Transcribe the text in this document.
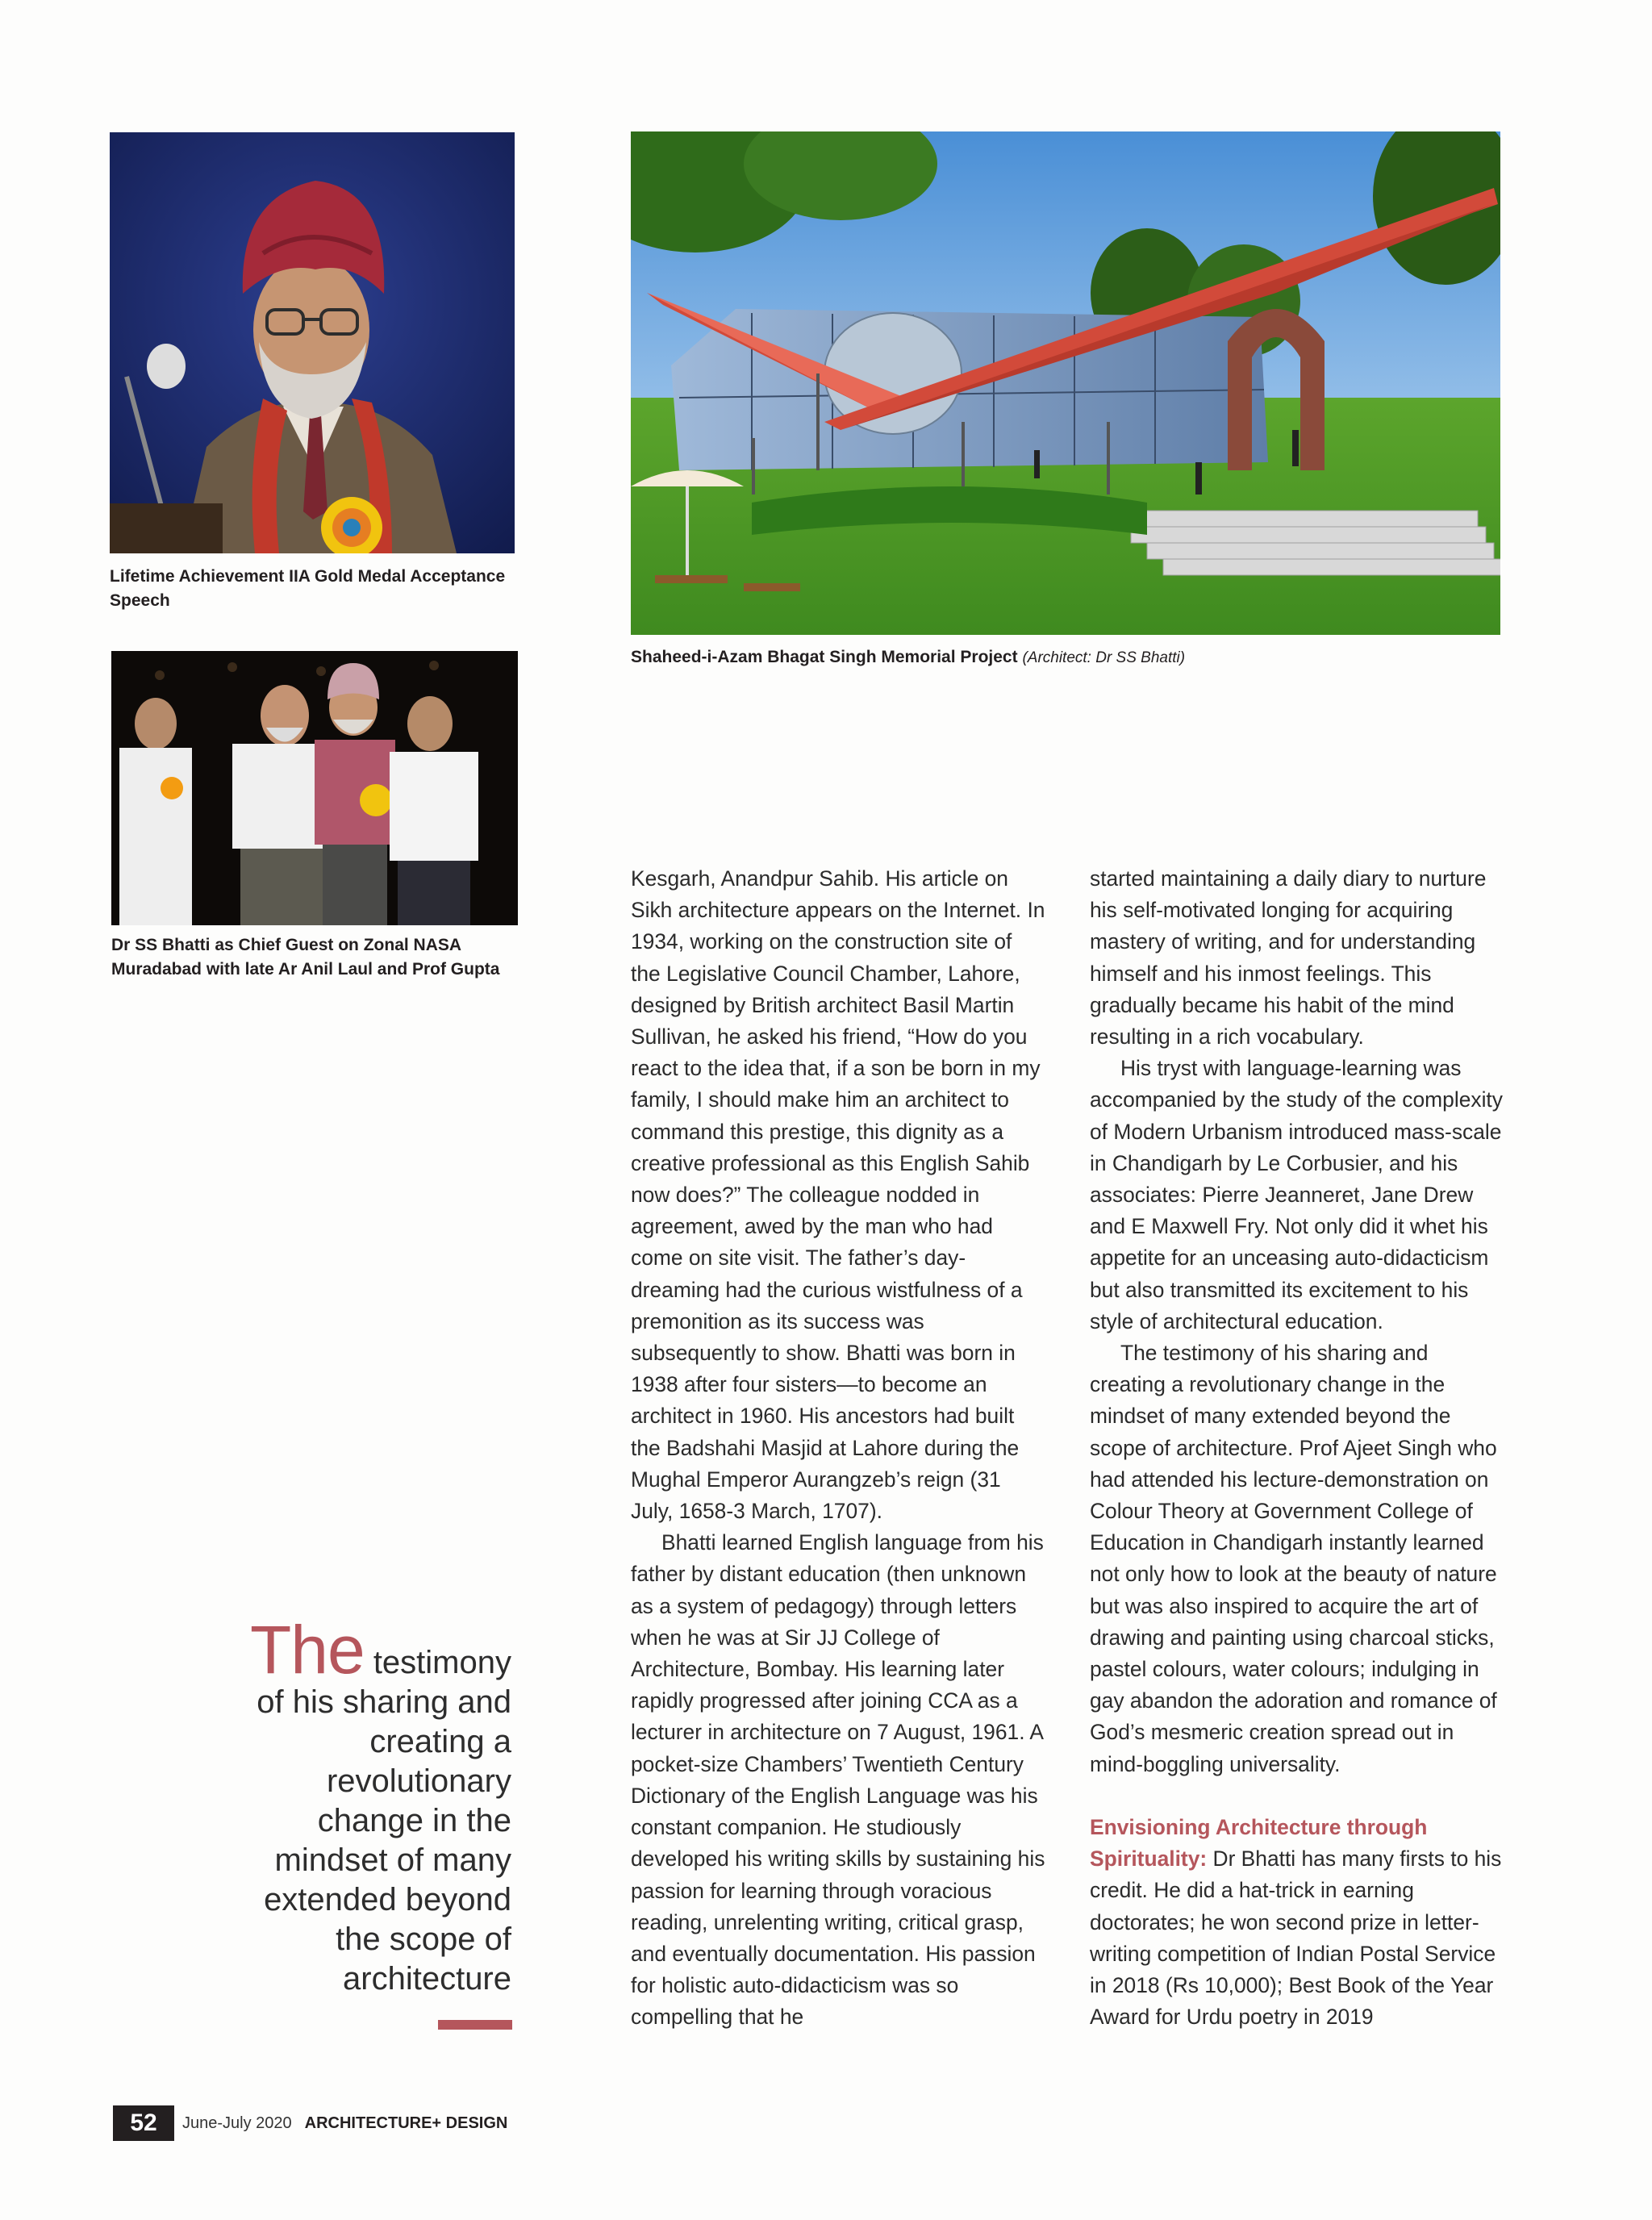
Lifetime Achievement IIA Gold Medal Acceptance Speech
Shaheed-i-Azam Bhagat Singh Memorial Project (Architect: Dr SS Bhatti)
Dr SS Bhatti as Chief Guest on Zonal NASA Muradabad with late Ar Anil Laul and Prof Gupta
The testimony of his sharing and creating a revolutionary change in the mindset of many extended beyond the scope of architecture

Kesgarh, Anandpur Sahib. His article on Sikh architecture appears on the Internet. In 1934, working on the construction site of the Legislative Council Chamber, Lahore, designed by British architect Basil Martin Sullivan, he asked his friend, “How do you react to the idea that, if a son be born in my family, I should make him an architect to command this prestige, this dignity as a creative professional as this English Sahib now does?” The colleague nodded in agreement, awed by the man who had come on site visit. The father’s day-dreaming had the curious wistfulness of a premonition as its success was subsequently to show. Bhatti was born in 1938 after four sisters—to become an architect in 1960. His ancestors had built the Badshahi Masjid at Lahore during the Mughal Emperor Aurangzeb’s reign (31 July, 1658-3 March, 1707).

Bhatti learned English language from his father by distant education (then unknown as a system of pedagogy) through letters when he was at Sir JJ College of Architecture, Bombay. His learning later rapidly progressed after joining CCA as a lecturer in architecture on 7 August, 1961. A pocket-size Chambers’ Twentieth Century Dictionary of the English Language was his constant companion. He studiously developed his writing skills by sustaining his passion for learning through voracious reading, unrelenting writing, critical grasp, and eventually documentation. His passion for holistic auto-didacticism was so compelling that he

started maintaining a daily diary to nurture his self-motivated longing for acquiring mastery of writing, and for understanding himself and his inmost feelings. This gradually became his habit of the mind resulting in a rich vocabulary.

His tryst with language-learning was accompanied by the study of the complexity of Modern Urbanism introduced mass-scale in Chandigarh by Le Corbusier, and his associates: Pierre Jeanneret, Jane Drew and E Maxwell Fry. Not only did it whet his appetite for an unceasing auto-didacticism but also transmitted its excitement to his style of architectural education.

The testimony of his sharing and creating a revolutionary change in the mindset of many extended beyond the scope of architecture. Prof Ajeet Singh who had attended his lecture-demonstration on Colour Theory at Government College of Education in Chandigarh instantly learned not only how to look at the beauty of nature but was also inspired to acquire the art of drawing and painting using charcoal sticks, pastel colours, water colours; indulging in gay abandon the adoration and romance of God’s mesmeric creation spread out in mind-boggling universality.

Envisioning Architecture through Spirituality: Dr Bhatti has many firsts to his credit. He did a hat-trick in earning doctorates; he won second prize in letter-writing competition of Indian Postal Service in 2018 (Rs 10,000); Best Book of the Year Award for Urdu poetry in 2019

52	June-July 2020 ARCHITECTURE+ DESIGN
